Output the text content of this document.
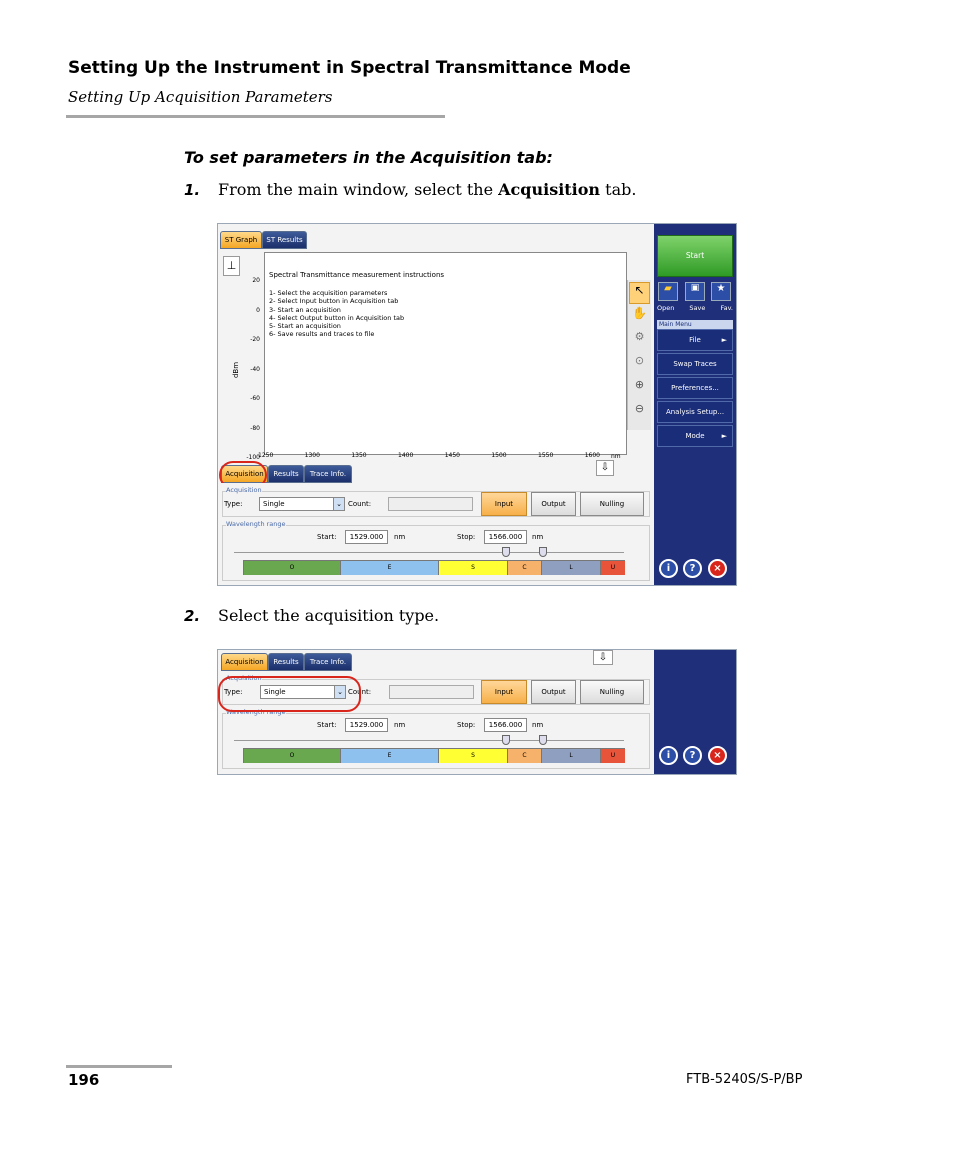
Setting Up the Instrument in Spectral Transmittance Mode
Setting Up Acquisition Parameters
To set parameters in the Acquisition tab:
1. From the main window, select the Acquisition tab.
ST Graph	ST Results
Spectral Transmittance measurement instructions
1- Select the acquisition parameters
2- Select Input button in Acquisition tab
3- Start an acquisition
4- Select Output button in Acquisition tab
5- Start an acquisition
6- Save results and traces to file
20
0
-20
-40
-60
-80
-100
dBm
⊥
1250	1300	1350	1400	1450	1500	1550	1600 nm
↖
✋
⚙
⊙
⊕
⊖
⇩
Acquisition	Results	Trace Info.
Acquisition
Type:	Single	⌄ Count:	Input	Output	Nulling
Wavelength range
Start:	1529.000	nm	Stop:	1566.000	nm
O	E	S	C	L	U
Start
▰	▣	★
Open Save Fav.
Main Menu
File	►
Swap Traces
Preferences...
Analysis Setup...
Mode ►
i	?	×
2. Select the acquisition type.
Acquisition	Results	Trace Info.	⇩
Acquisition
Type:	Single	⌄ Count:	Input	Output	Nulling
Wavelength range
Start:	1529.000	nm	Stop:	1566.000	nm
O	E	S	C	L	U	i	?	×
196	FTB-5240S/S-P/BP
